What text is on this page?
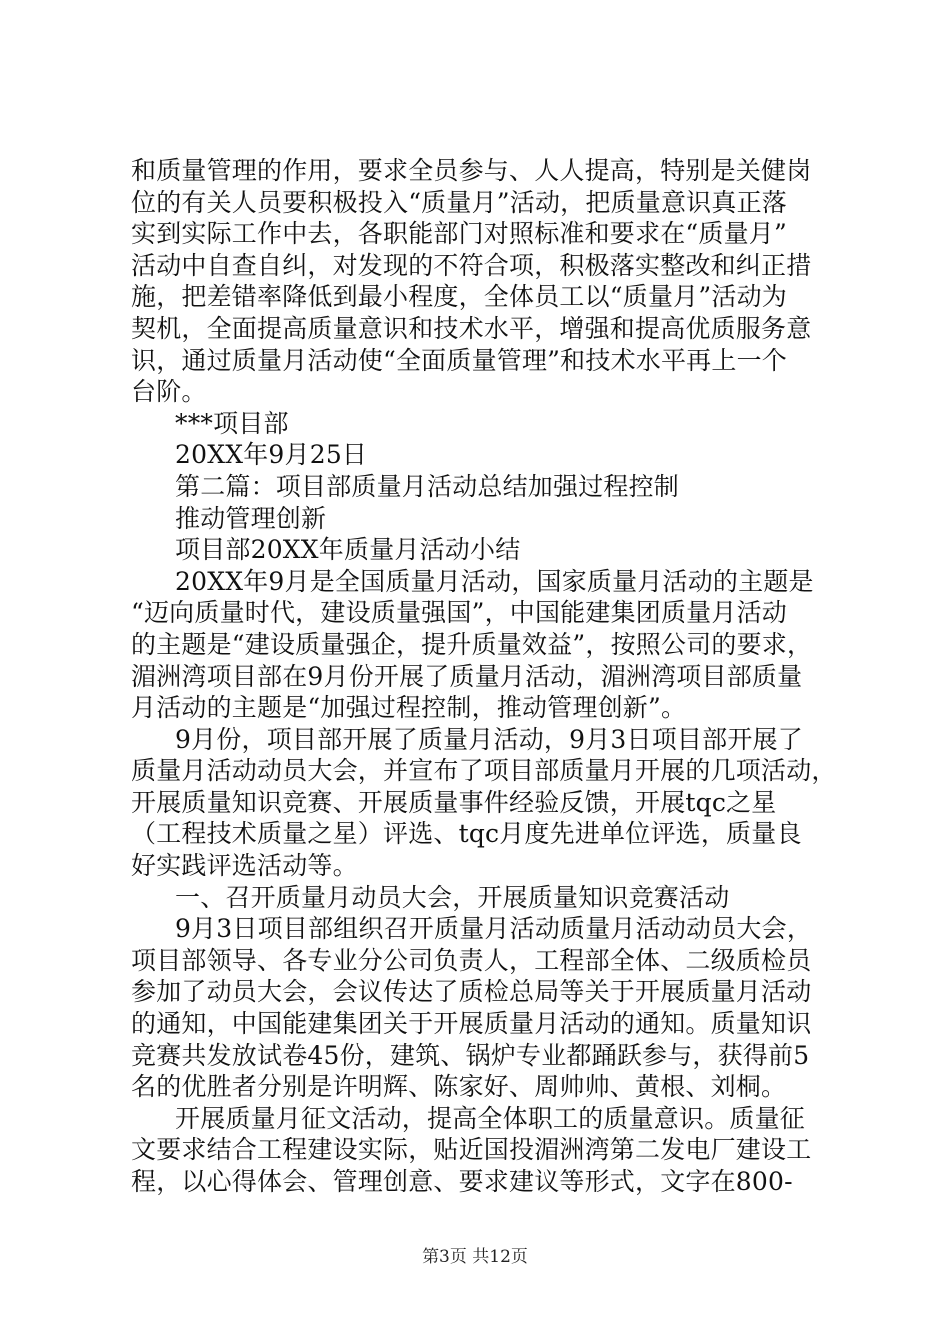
和质量管理的作用，要求全员参与、人人提高，特别是关健岗
位的有关人员要积极投入“质量月”活动，把质量意识真正落
实到实际工作中去，各职能部门对照标准和要求在“质量月”
活动中自查自纠，对发现的不符合项，积极落实整改和纠正措
施，把差错率降低到最小程度，全体员工以“质量月”活动为
契机，全面提高质量意识和技术水平，增强和提高优质服务意
识，通过质量月活动使“全面质量管理”和技术水平再上一个
台阶。
***项目部
20XX年9月25日
第二篇：项目部质量月活动总结加强过程控制
推动管理创新
项目部20XX年质量月活动小结
20XX年9月是全国质量月活动，国家质量月活动的主题是
“迈向质量时代，建设质量强国”，中国能建集团质量月活动
的主题是“建设质量强企，提升质量效益”，按照公司的要求，
湄洲湾项目部在9月份开展了质量月活动，湄洲湾项目部质量
月活动的主题是“加强过程控制，推动管理创新”。
9月份，项目部开展了质量月活动，9月3日项目部开展了
质量月活动动员大会，并宣布了项目部质量月开展的几项活动，
开展质量知识竞赛、开展质量事件经验反馈，开展tqc之星
（工程技术质量之星）评选、tqc月度先进单位评选，质量良
好实践评选活动等。
一、召开质量月动员大会，开展质量知识竞赛活动
9月3日项目部组织召开质量月活动质量月活动动员大会，
项目部领导、各专业分公司负责人，工程部全体、二级质检员
参加了动员大会，会议传达了质检总局等关于开展质量月活动
的通知，中国能建集团关于开展质量月活动的通知。质量知识
竞赛共发放试卷45份，建筑、锅炉专业都踊跃参与，获得前5
名的优胜者分别是许明辉、陈家好、周帅帅、黄根、刘桐。
开展质量月征文活动，提高全体职工的质量意识。质量征
文要求结合工程建设实际，贴近国投湄洲湾第二发电厂建设工
程，以心得体会、管理创意、要求建议等形式，文字在800-
第3页 共12页
